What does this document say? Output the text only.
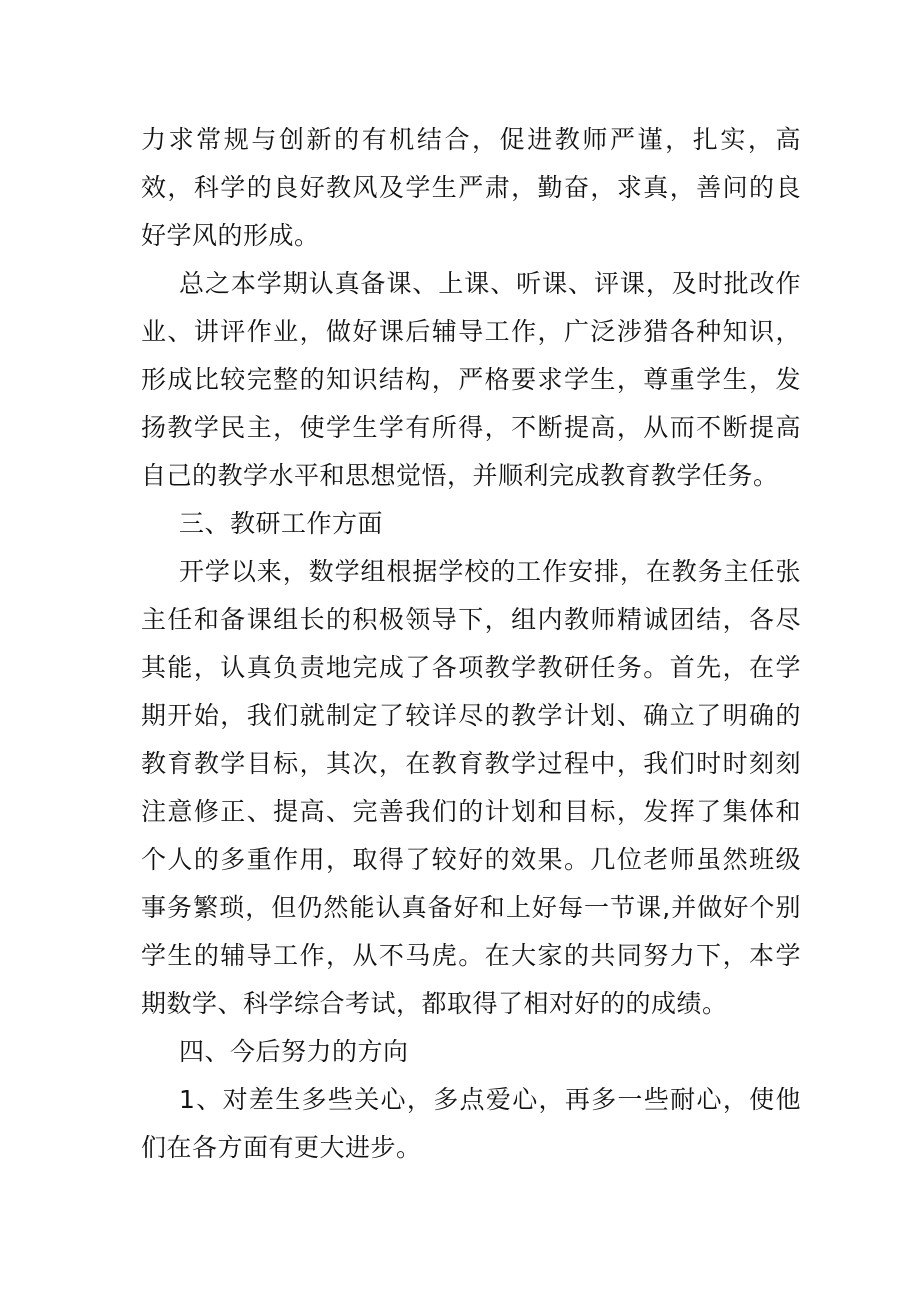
力求常规与创新的有机结合，促进教师严谨，扎实，高效，科学的良好教风及学生严肃，勤奋，求真，善问的良好学风的形成。

总之本学期认真备课、上课、听课、评课，及时批改作业、讲评作业，做好课后辅导工作，广泛涉猎各种知识，形成比较完整的知识结构，严格要求学生，尊重学生，发扬教学民主，使学生学有所得，不断提高，从而不断提高自己的教学水平和思想觉悟，并顺利完成教育教学任务。

三、教研工作方面

开学以来，数学组根据学校的工作安排，在教务主任张主任和备课组长的积极领导下，组内教师精诚团结，各尽其能，认真负责地完成了各项教学教研任务。首先，在学期开始，我们就制定了较详尽的教学计划、确立了明确的教育教学目标，其次，在教育教学过程中，我们时时刻刻注意修正、提高、完善我们的计划和目标，发挥了集体和个人的多重作用，取得了较好的效果。几位老师虽然班级事务繁琐，但仍然能认真备好和上好每一节课,并做好个别学生的辅导工作，从不马虎。在大家的共同努力下，本学期数学、科学综合考试，都取得了相对好的的成绩。

四、今后努力的方向

1、对差生多些关心，多点爱心，再多一些耐心，使他们在各方面有更大进步。
